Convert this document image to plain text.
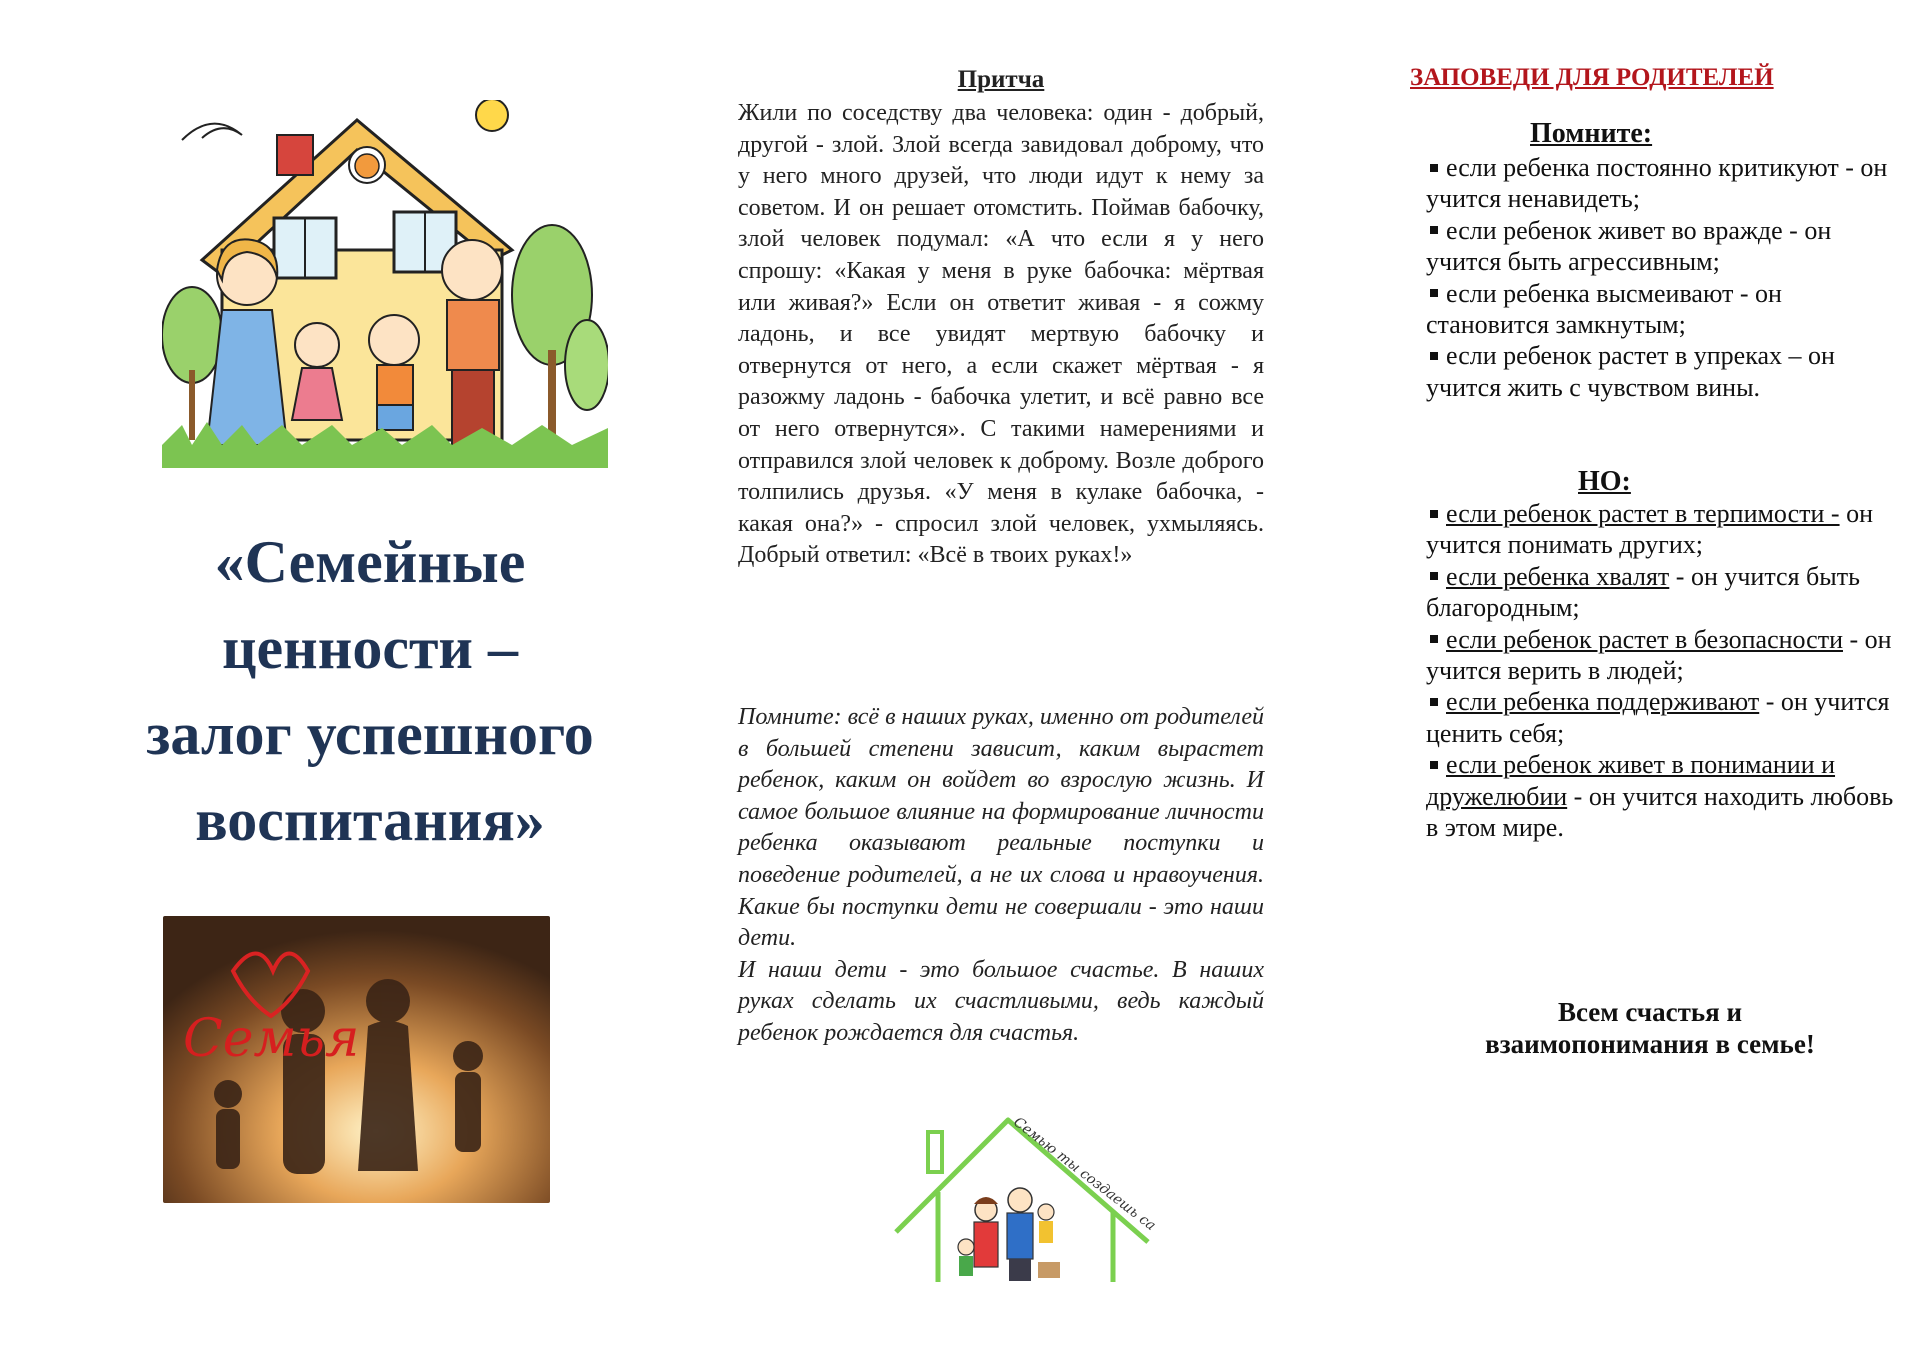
«Семейные
ценности –
залог успешного
воспитания»
Семья
Притча

Жили по соседству два человека: один - добрый, другой - злой. Злой всегда завидовал доброму, что у него много друзей, что люди идут к нему за советом. И он решает отомстить. Поймав бабочку, злой человек подумал: «А что если я у него спрошу: «Какая у меня в руке бабочка: мёртвая или живая?» Если он ответит живая - я сожму ладонь, и все увидят мертвую бабочку и отвернутся от него, а если скажет мёртвая - я разожму ладонь - бабочка улетит, и всё равно все от него отвернутся». С такими намерениями и отправился злой человек к доброму. Возле доброго толпились друзья. «У меня в кулаке бабочка, - какая она?» - спросил злой человек, ухмыляясь. Добрый ответил: «Всё в твоих руках!»

Помните: всё в наших руках, именно от родителей в большей степени зависит, каким вырастет ребенок, каким он войдет во взрослую жизнь. И самое большое влияние на формирование личности ребенка оказывают реальные поступки и поведение родителей, а не их слова и нравоучения. Какие бы поступки дети не совершали - это наши дети.

И наши дети - это большое счастье. В наших руках сделать их счастливыми, ведь каждый ребенок рождается для счастья.

Семью ты создаешь с
ЗАПОВЕДИ ДЛЯ РОДИТЕЛЕЙ
Помните:
если ребенка постоянно критикуют - он учится ненавидеть;
если ребенок живет во вражде - он учится быть агрессивным;
если ребенка высмеивают - он становится замкнутым;
если ребенок растет в упреках – он учится жить с чувством вины.
НО:
если ребенок растет в терпимости - он учится понимать других;
если ребенка хвалят - он учится быть благородным;
если ребенок растет в безопасности - он учится верить в людей;
если ребенка поддерживают - он учится ценить себя;
если ребенок живет в понимании и дружелюбии - он учится находить любовь в этом мире.
Всем счастья и
взаимопонимания в семье!
